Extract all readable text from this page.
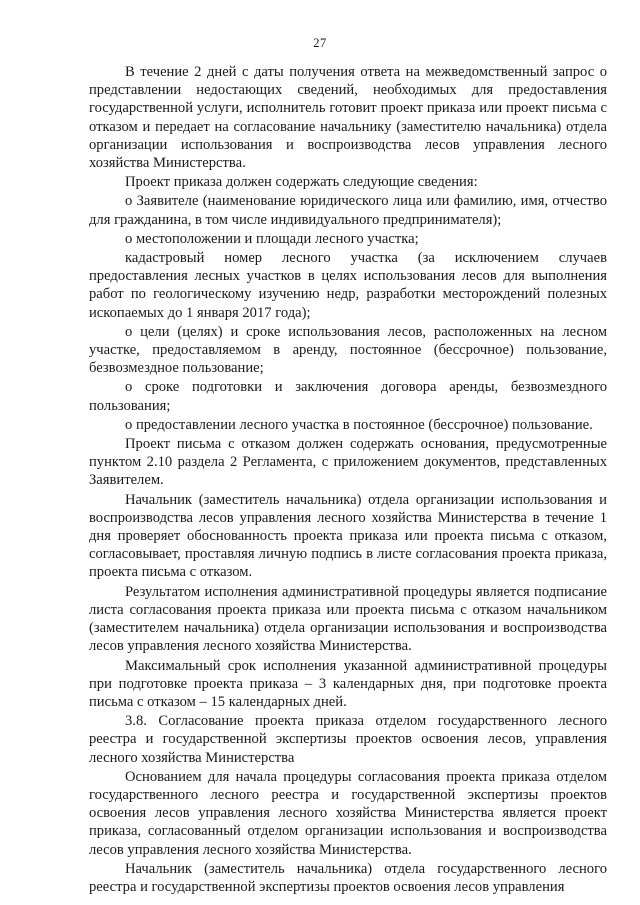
27

В течение 2 дней с даты получения ответа на межведомственный запрос о представлении недостающих сведений, необходимых для предоставления государственной услуги, исполнитель готовит проект приказа или проект письма с отказом и передает на согласование начальнику (заместителю начальника) отдела организации использования и воспроизводства лесов управления лесного хозяйства Министерства.

Проект приказа должен содержать следующие сведения:

о Заявителе (наименование юридического лица или фамилию, имя, отчество для гражданина, в том числе индивидуального предпринимателя);

о местоположении и площади лесного участка;

кадастровый номер лесного участка (за исключением случаев предоставления лесных участков в целях использования лесов для выполнения работ по геологическому изучению недр, разработки месторождений полезных ископаемых до 1 января 2017 года);

о цели (целях) и сроке использования лесов, расположенных на лесном участке, предоставляемом в аренду, постоянное (бессрочное) пользование, безвозмездное пользование;

о сроке подготовки и заключения договора аренды, безвозмездного пользования;

о предоставлении лесного участка в постоянное (бессрочное) пользование.

Проект письма с отказом должен содержать основания, предусмотренные пунктом 2.10 раздела 2 Регламента, с приложением документов, представленных Заявителем.

Начальник (заместитель начальника) отдела организации использования и воспроизводства лесов управления лесного хозяйства Министерства в течение 1 дня проверяет обоснованность проекта приказа или проекта письма с отказом, согласовывает, проставляя личную подпись в листе согласования проекта приказа, проекта письма с отказом.

Результатом исполнения административной процедуры является подписание листа согласования проекта приказа или проекта письма с отказом начальником (заместителем начальника) отдела организации использования и воспроизводства лесов управления лесного хозяйства Министерства.

Максимальный срок исполнения указанной административной процедуры при подготовке проекта приказа – 3 календарных дня, при подготовке проекта письма с отказом – 15 календарных дней.

3.8. Согласование проекта приказа отделом государственного лесного реестра и государственной экспертизы проектов освоения лесов, управления лесного хозяйства Министерства

Основанием для начала процедуры согласования проекта приказа отделом государственного лесного реестра и государственной экспертизы проектов освоения лесов управления лесного хозяйства Министерства является проект приказа, согласованный отделом организации использования и воспроизводства лесов управления лесного хозяйства Министерства.

Начальник (заместитель начальника) отдела государственного лесного реестра и государственной экспертизы проектов освоения лесов управления
